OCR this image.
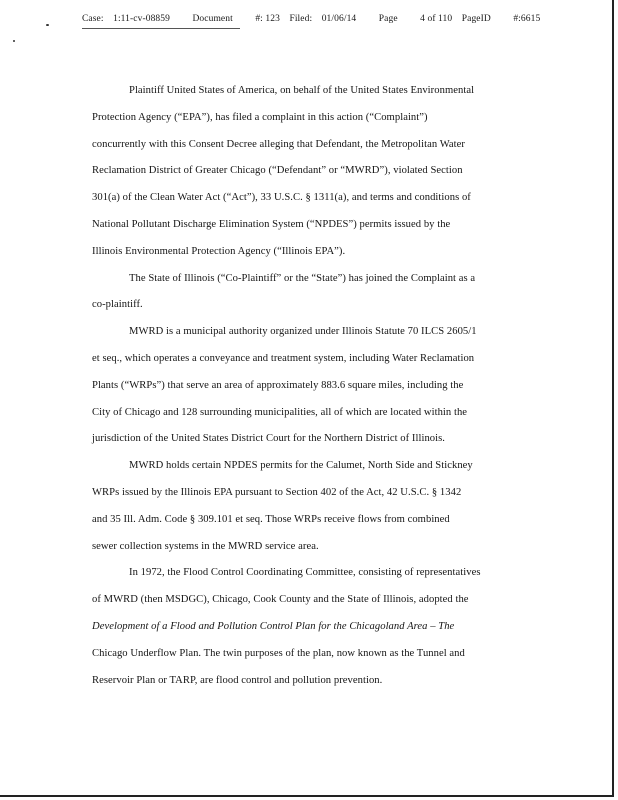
Case: 1:11-cv-08859 Document #: 123 Filed: 01/06/14 Page 4 of 110 PageID #:6615
Plaintiff United States of America, on behalf of the United States Environmental
Protection Agency (“EPA”), has filed a complaint in this action (“Complaint”)
concurrently with this Consent Decree alleging that Defendant, the Metropolitan Water
Reclamation District of Greater Chicago (“Defendant” or “MWRD”), violated Section
301(a) of the Clean Water Act (“Act”), 33 U.S.C. § 1311(a), and terms and conditions of
National Pollutant Discharge Elimination System (“NPDES”) permits issued by the
Illinois Environmental Protection Agency (“Illinois EPA”).
The State of Illinois (“Co-Plaintiff” or the “State”) has joined the Complaint as a
co-plaintiff.
MWRD is a municipal authority organized under Illinois Statute 70 ILCS 2605/1
et seq., which operates a conveyance and treatment system, including Water Reclamation
Plants (“WRPs”) that serve an area of approximately 883.6 square miles, including the
City of Chicago and 128 surrounding municipalities, all of which are located within the
jurisdiction of the United States District Court for the Northern District of Illinois.
MWRD holds certain NPDES permits for the Calumet, North Side and Stickney
WRPs issued by the Illinois EPA pursuant to Section 402 of the Act, 42 U.S.C. § 1342
and 35 Ill. Adm. Code § 309.101 et seq. Those WRPs receive flows from combined
sewer collection systems in the MWRD service area.
In 1972, the Flood Control Coordinating Committee, consisting of representatives
of MWRD (then MSDGC), Chicago, Cook County and the State of Illinois, adopted the
Development of a Flood and Pollution Control Plan for the Chicagoland Area – The
Chicago Underflow Plan. The twin purposes of the plan, now known as the Tunnel and
Reservoir Plan or TARP, are flood control and pollution prevention.
